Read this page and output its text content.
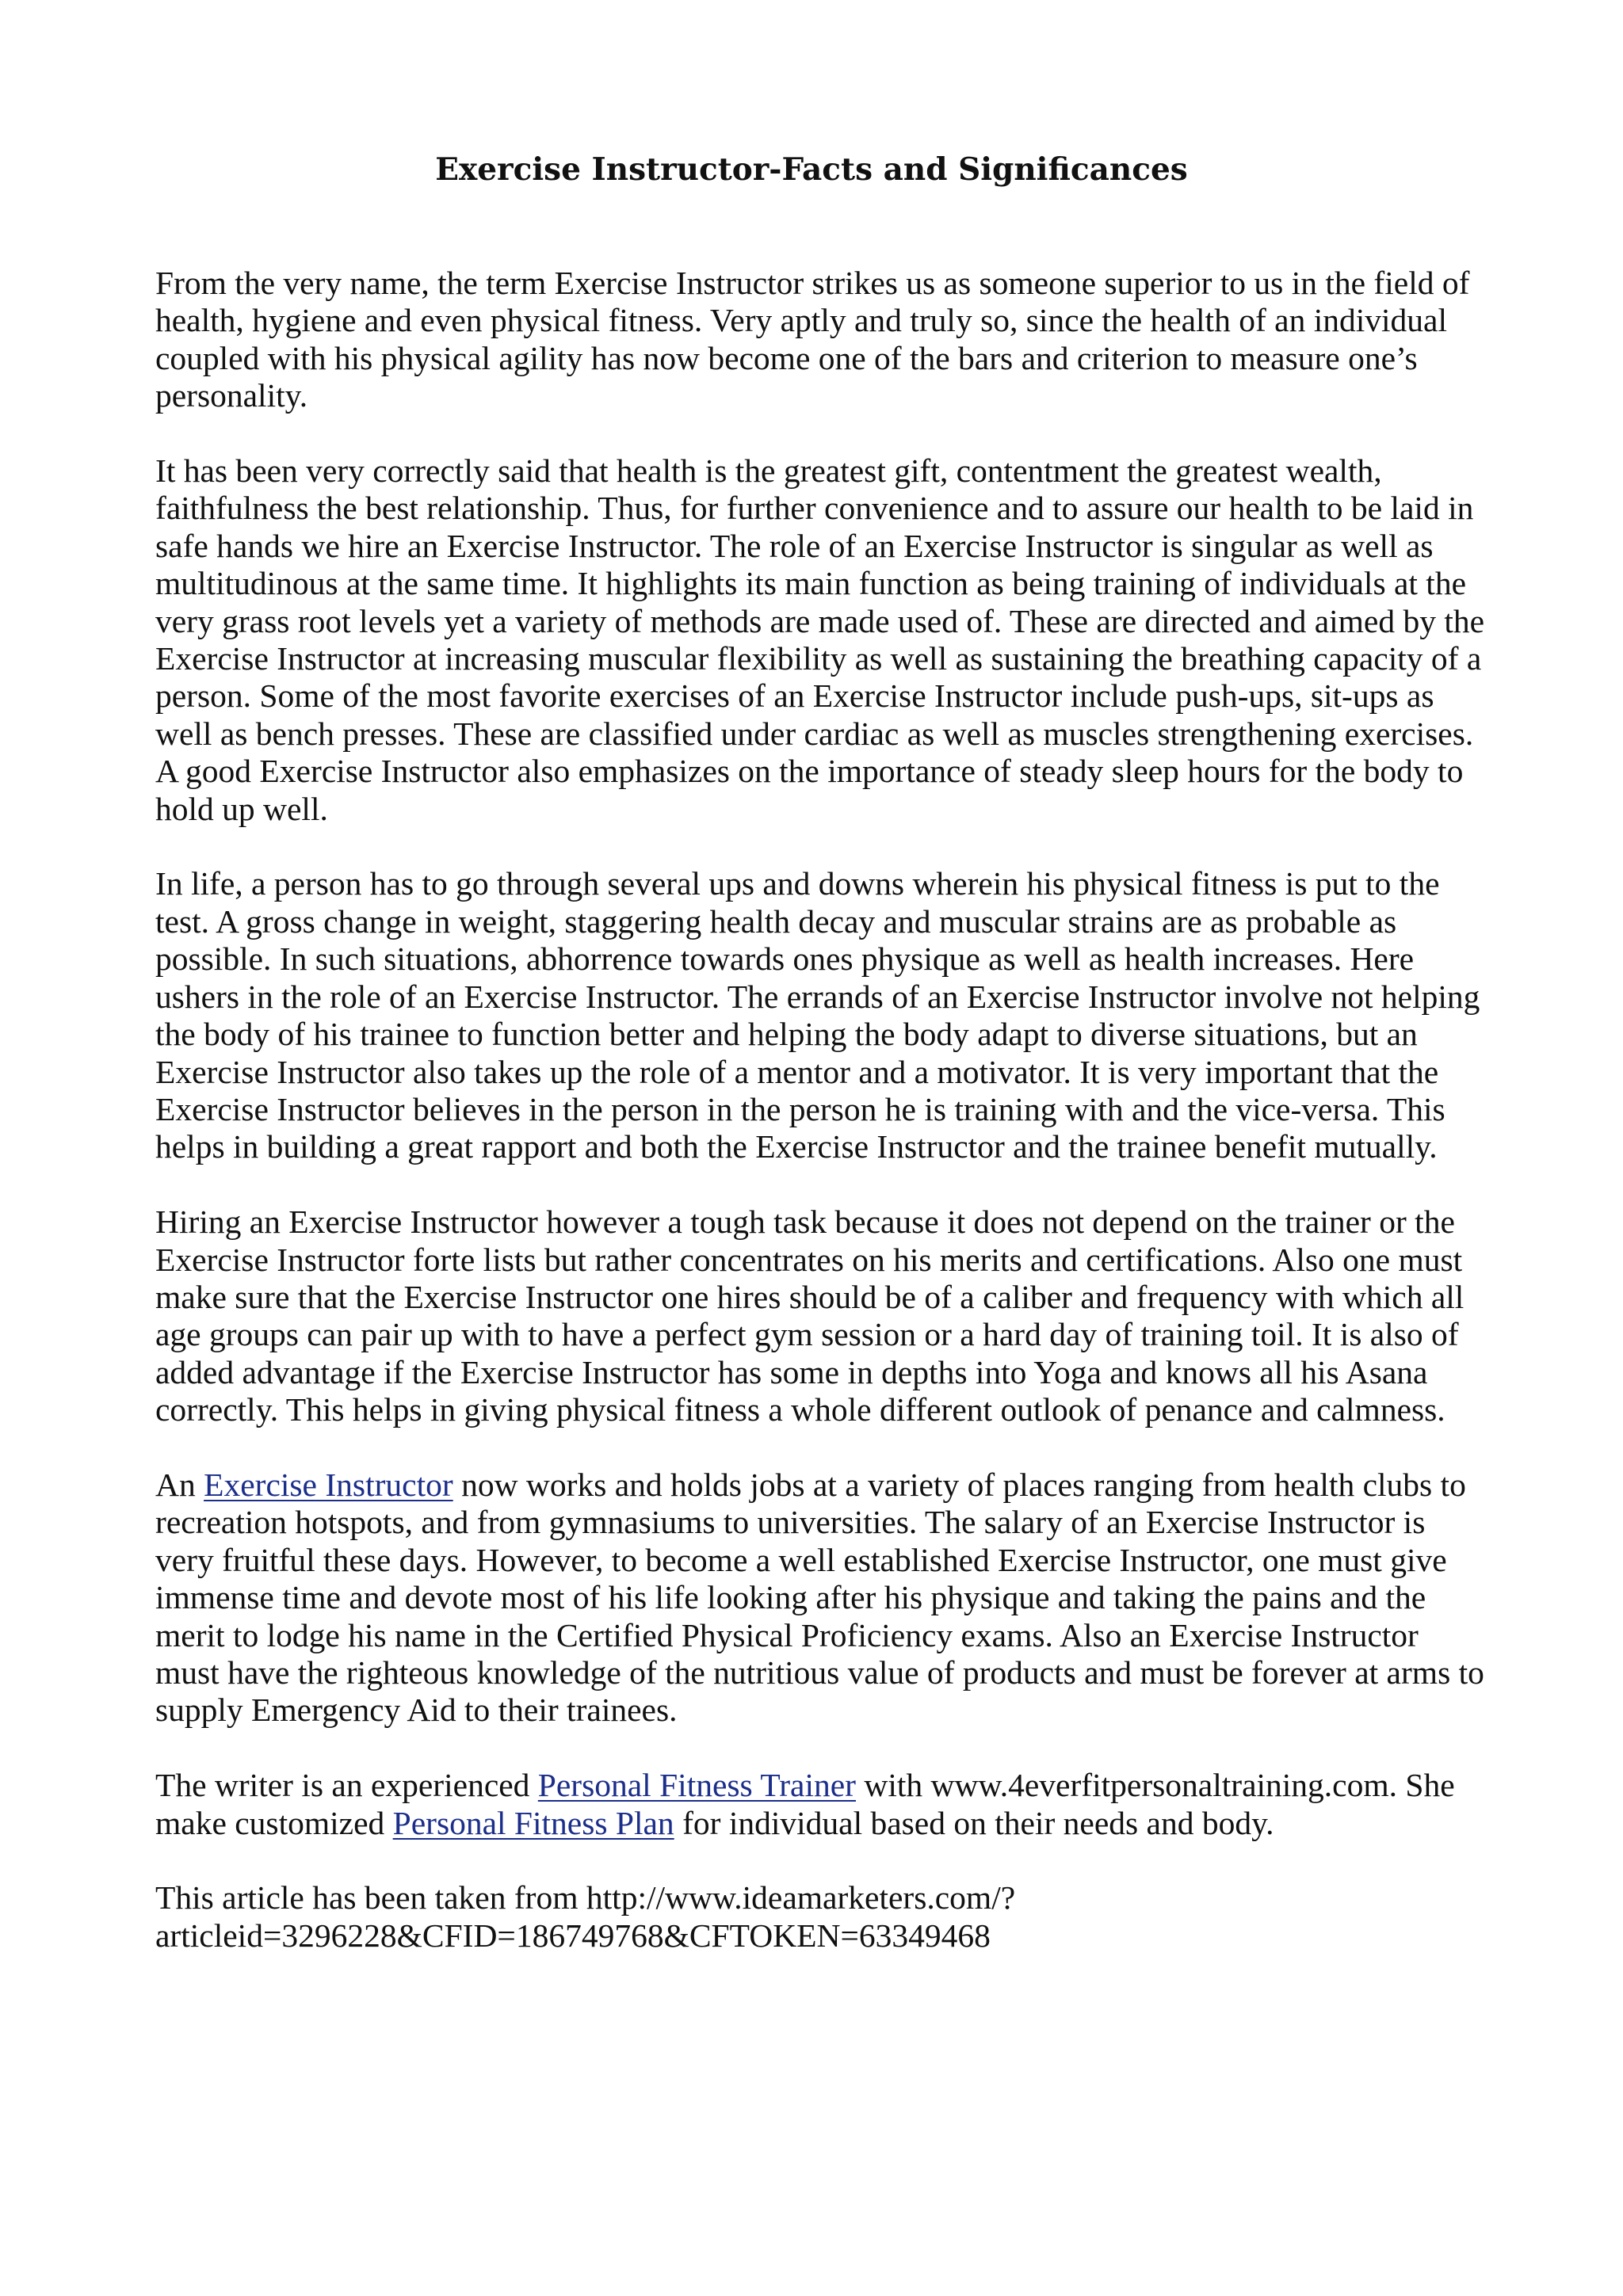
Exercise Instructor-Facts and Significances

From the very name, the term Exercise Instructor strikes us as someone superior to us in the field of health, hygiene and even physical fitness. Very aptly and truly so, since the health of an individual coupled with his physical agility has now become one of the bars and criterion to measure one’s personality.

It has been very correctly said that health is the greatest gift, contentment the greatest wealth, faithfulness the best relationship. Thus, for further convenience and to assure our health to be laid in safe hands we hire an Exercise Instructor. The role of an Exercise Instructor is singular as well as multitudinous at the same time. It highlights its main function as being training of individuals at the very grass root levels yet a variety of methods are made used of. These are directed and aimed by the Exercise Instructor at increasing muscular flexibility as well as sustaining the breathing capacity of a person. Some of the most favorite exercises of an Exercise Instructor include push-ups, sit-ups as well as bench presses. These are classified under cardiac as well as muscles strengthening exercises. A good Exercise Instructor also emphasizes on the importance of steady sleep hours for the body to hold up well.

In life, a person has to go through several ups and downs wherein his physical fitness is put to the test. A gross change in weight, staggering health decay and muscular strains are as probable as possible. In such situations, abhorrence towards ones physique as well as health increases. Here ushers in the role of an Exercise Instructor. The errands of an Exercise Instructor involve not helping the body of his trainee to function better and helping the body adapt to diverse situations, but an Exercise Instructor also takes up the role of a mentor and a motivator. It is very important that the Exercise Instructor believes in the person in the person he is training with and the vice-versa. This helps in building a great rapport and both the Exercise Instructor and the trainee benefit mutually.

Hiring an Exercise Instructor however a tough task because it does not depend on the trainer or the Exercise Instructor forte lists but rather concentrates on his merits and certifications. Also one must make sure that the Exercise Instructor one hires should be of a caliber and frequency with which all age groups can pair up with to have a perfect gym session or a hard day of training toil. It is also of added advantage if the Exercise Instructor has some in depths into Yoga and knows all his Asana correctly. This helps in giving physical fitness a whole different outlook of penance and calmness.

An Exercise Instructor now works and holds jobs at a variety of places ranging from health clubs to recreation hotspots, and from gymnasiums to universities. The salary of an Exercise Instructor is very fruitful these days. However, to become a well established Exercise Instructor, one must give immense time and devote most of his life looking after his physique and taking the pains and the merit to lodge his name in the Certified Physical Proficiency exams. Also an Exercise Instructor must have the righteous knowledge of the nutritious value of products and must be forever at arms to supply Emergency Aid to their trainees.

The writer is an experienced Personal Fitness Trainer with www.4everfitpersonaltraining.com. She make customized Personal Fitness Plan for individual based on their needs and body.

This article has been taken from http://www.ideamarketers.com/?
articleid=3296228&CFID=186749768&CFTOKEN=63349468
